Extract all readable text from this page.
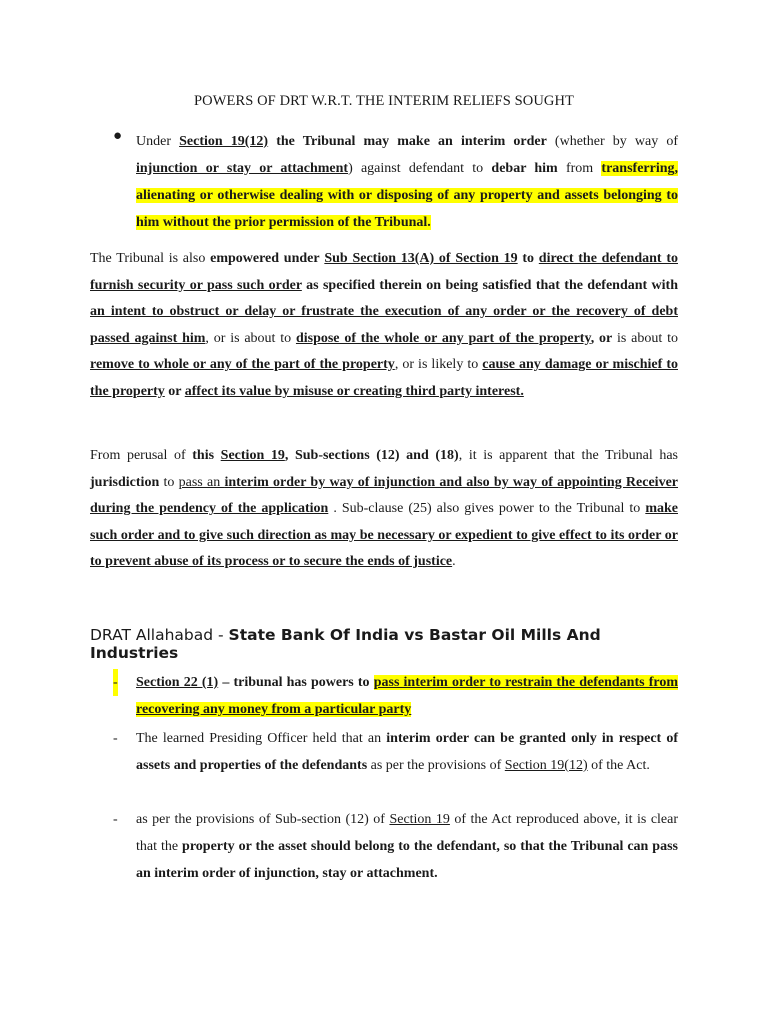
POWERS OF DRT W.R.T. THE INTERIM RELIEFS SOUGHT
● Under Section 19(12) the Tribunal may make an interim order (whether by way of injunction or stay or attachment) against defendant to debar him from transferring, alienating or otherwise dealing with or disposing of any property and assets belonging to him without the prior permission of the Tribunal.
The Tribunal is also empowered under Sub Section 13(A) of Section 19 to direct the defendant to furnish security or pass such order as specified therein on being satisfied that the defendant with an intent to obstruct or delay or frustrate the execution of any order or the recovery of debt passed against him, or is about to dispose of the whole or any part of the property, or is about to remove to whole or any of the part of the property, or is likely to cause any damage or mischief to the property or affect its value by misuse or creating third party interest.
From perusal of this Section 19, Sub-sections (12) and (18), it is apparent that the Tribunal has jurisdiction to pass an interim order by way of injunction and also by way of appointing Receiver during the pendency of the application . Sub-clause (25) also gives power to the Tribunal to make such order and to give such direction as may be necessary or expedient to give effect to its order or to prevent abuse of its process or to secure the ends of justice.
DRAT Allahabad - State Bank Of India vs Bastar Oil Mills And Industries
- Section 22 (1) – tribunal has powers to pass interim order to restrain the defendants from recovering any money from a particular party
- The learned Presiding Officer held that an interim order can be granted only in respect of assets and properties of the defendants as per the provisions of Section 19(12) of the Act.
- as per the provisions of Sub-section (12) of Section 19 of the Act reproduced above, it is clear that the property or the asset should belong to the defendant, so that the Tribunal can pass an interim order of injunction, stay or attachment.
